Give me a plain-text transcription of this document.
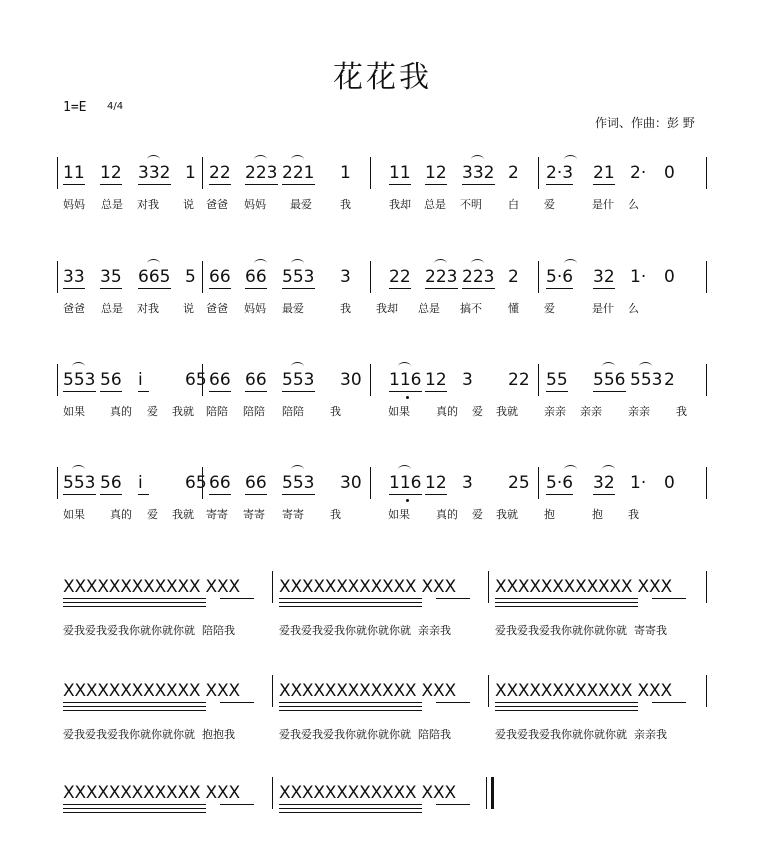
花花我
1=E 4/4
作词、作曲：彭 野
11 12 332 1 22 223 221 1 11 12 332 2 2·3 21 2· 0
妈妈 总是 对我 说 爸爸 妈妈 最爱	我	我却 总是 不明 白 爱	是什 么
33 35 665 5 66 66 553 3 22 223 223 2 5·6 32 1· 0
爸爸 总是 对我 说 爸爸 妈妈 最爱	我 我却 总是 搞不 懂 爱	是什 么
553 56 i 65 66 66 553 30 116 12 3 22 55 556 553 2
如果 真的 爱 我就 陪陪 陪陪 陪陪 我	如果 真的 爱 我就 亲亲 亲亲 亲亲 我
553 56 i 65 66 66 553 30 116 12 3 25 5·6 32 1· 0
如果 真的 爱 我就 寄寄 寄寄 寄寄 我	如果 真的 爱 我就 抱	抱 我
XXXXXXXXXXXX XXX XXXXXXXXXXXX XXX XXXXXXXXXXXX XXX
爱我爱我爱我你就你就你就  陪陪我	爱我爱我爱我你就你就你就  亲亲我	爱我爱我爱我你就你就你就  寄寄我
XXXXXXXXXXXX XXX XXXXXXXXXXXX XXX XXXXXXXXXXXX XXX
爱我爱我爱我你就你就你就  抱抱我	爱我爱我爱我你就你就你就  陪陪我	爱我爱我爱我你就你就你就  亲亲我
XXXXXXXXXXXX XXX XXXXXXXXXXXX XXX
